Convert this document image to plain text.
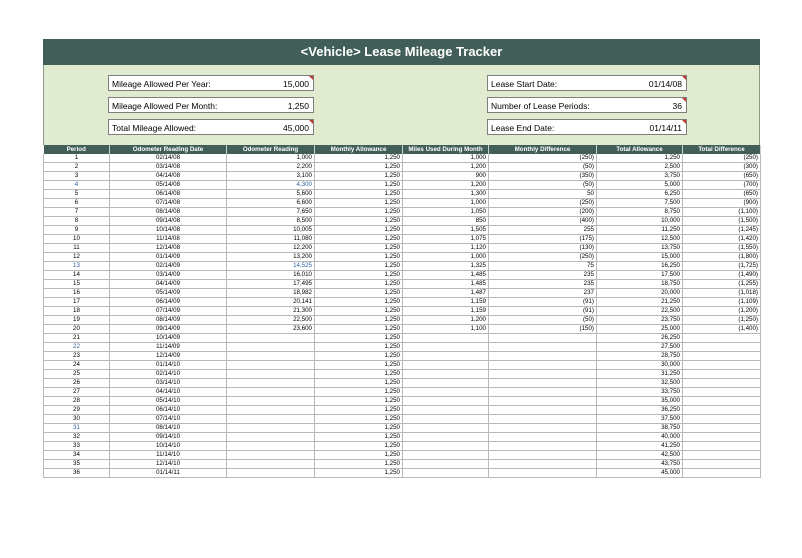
<Vehicle> Lease Mileage Tracker
Mileage Allowed Per Year:	15,000
Mileage Allowed Per Month:	1,250
Total Mileage Allowed:	45,000
Lease Start Date:	01/14/08
Number of Lease Periods:	36
Lease End Date:	01/14/11
Period	Odometer Reading Date	Odometer Reading	Monthly Allowance	Miles Used During Month	Monthly Difference	Total Allowance	Total Difference
1	02/14/08	1,000	1,250	1,000	(250)	1,250	(250)
2	03/14/08	2,200	1,250	1,200	(50)	2,500	(300)
3	04/14/08	3,100	1,250	900	(350)	3,750	(650)
4	05/14/08	4,300	1,250	1,200	(50)	5,000	(700)
5	06/14/08	5,600	1,250	1,300	50	6,250	(650)
6	07/14/08	6,600	1,250	1,000	(250)	7,500	(900)
7	08/14/08	7,650	1,250	1,050	(200)	8,750	(1,100)
8	09/14/08	8,500	1,250	850	(400)	10,000	(1,500)
9	10/14/08	10,005	1,250	1,505	255	11,250	(1,245)
10	11/14/08	11,080	1,250	1,075	(175)	12,500	(1,420)
11	12/14/08	12,200	1,250	1,120	(130)	13,750	(1,550)
12	01/14/09	13,200	1,250	1,000	(250)	15,000	(1,800)
13	02/14/09	14,525	1,250	1,325	75	16,250	(1,725)
14	03/14/09	16,010	1,250	1,485	235	17,500	(1,490)
15	04/14/09	17,495	1,250	1,485	235	18,750	(1,255)
16	05/14/09	18,982	1,250	1,487	237	20,000	(1,018)
17	06/14/09	20,141	1,250	1,159	(91)	21,250	(1,109)
18	07/14/09	21,300	1,250	1,159	(91)	22,500	(1,200)
19	08/14/09	22,500	1,250	1,200	(50)	23,750	(1,250)
20	09/14/09	23,600	1,250	1,100	(150)	25,000	(1,400)
21	10/14/09		1,250			26,250	
22	11/14/09		1,250			27,500	
23	12/14/09		1,250			28,750	
24	01/14/10		1,250			30,000	
25	02/14/10		1,250			31,250	
26	03/14/10		1,250			32,500	
27	04/14/10		1,250			33,750	
28	05/14/10		1,250			35,000	
29	06/14/10		1,250			36,250	
30	07/14/10		1,250			37,500	
31	08/14/10		1,250			38,750	
32	09/14/10		1,250			40,000	
33	10/14/10		1,250			41,250	
34	11/14/10		1,250			42,500	
35	12/14/10		1,250			43,750	
36	01/14/11		1,250			45,000	
